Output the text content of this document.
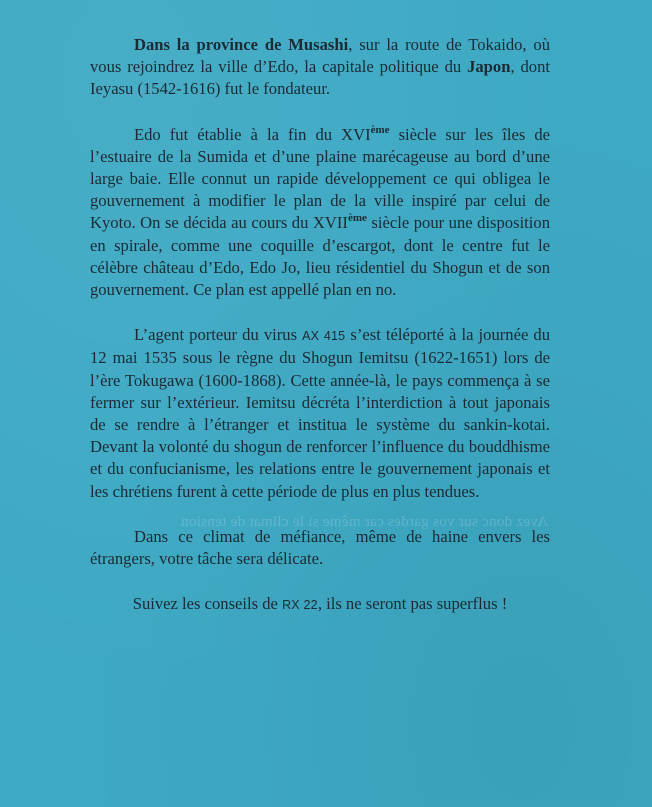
Avez donc sur vos gardes car même si le climat de tension

Dans la province de Musashi, sur la route de Tokaido, où vous rejoindrez la ville d’Edo, la capitale politique du Japon, dont Ieyasu (1542-1616) fut le fondateur.

Edo fut établie à la fin du XVIème siècle sur les îles de l’estuaire de la Sumida et d’une plaine marécageuse au bord d’une large baie. Elle connut un rapide développement ce qui obligea le gouvernement à modifier le plan de la ville inspiré par celui de Kyoto. On se décida au cours du XVIIème siècle pour une disposition en spirale, comme une coquille d’escargot, dont le centre fut le célèbre château d’Edo, Edo Jo, lieu résidentiel du Shogun et de son gouvernement. Ce plan est appellé plan en no.

L’agent porteur du virus AX 415 s’est téléporté à la journée du 12 mai 1535 sous le règne du Shogun Iemitsu (1622-1651) lors de l’ère Tokugawa (1600-1868). Cette année-là, le pays commença à se fermer sur l’extérieur. Iemitsu décréta l’interdiction à tout japonais de se rendre à l’étranger et institua le système du sankin-kotai. Devant la volonté du shogun de renforcer l’influence du bouddhisme et du confucianisme, les relations entre le gouvernement japonais et les chrétiens furent à cette période de plus en plus tendues.

Dans ce climat de méfiance, même de haine envers les étrangers, votre tâche sera délicate.

Suivez les conseils de RX 22, ils ne seront pas superflus !
